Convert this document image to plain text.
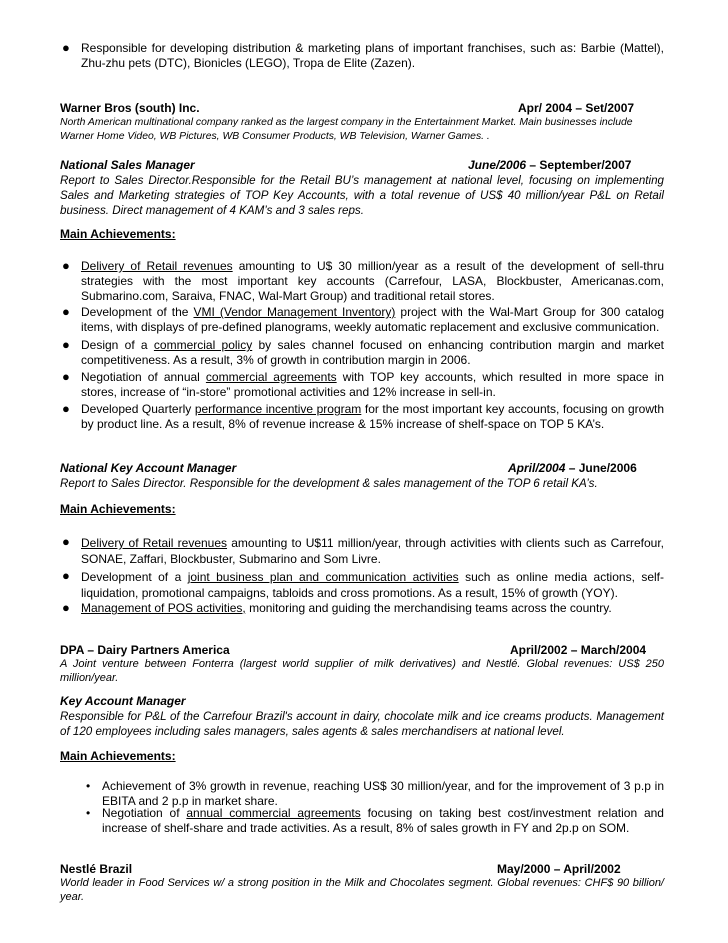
● Responsible for developing distribution & marketing plans of important franchises, such as: Barbie (Mattel), Zhu-zhu pets (DTC), Bionicles (LEGO), Tropa de Elite (Zazen).
Warner Bros (south) Inc.	Apr/ 2004 – Set/2007
North American multinational company ranked as the largest company in the Entertainment Market. Main businesses include Warner Home Video, WB Pictures, WB Consumer Products, WB Television, Warner Games. .
National Sales Manager	June/2006 – September/2007
Report to Sales Director.Responsible for the Retail BU’s management at national level, focusing on implementing Sales and Marketing strategies of TOP Key Accounts, with a total revenue of US$ 40 million/year P&L on Retail business. Direct management of 4 KAM’s and 3 sales reps.
Main Achievements:
● Delivery of Retail revenues amounting to U$ 30 million/year as a result of the development of sell-thru strategies with the most important key accounts (Carrefour, LASA, Blockbuster, Americanas.com, Submarino.com, Saraiva, FNAC, Wal-Mart Group) and traditional retail stores.
● Development of the VMI (Vendor Management Inventory) project with the Wal-Mart Group for 300 catalog items, with displays of pre-defined planograms, weekly automatic replacement and exclusive communication.
● Design of a commercial policy by sales channel focused on enhancing contribution margin and market competitiveness. As a result, 3% of growth in contribution margin in 2006.
● Negotiation of annual commercial agreements with TOP key accounts, which resulted in more space in stores, increase of “in-store” promotional activities and 12% increase in sell-in.
● Developed Quarterly performance incentive program for the most important key accounts, focusing on growth by product line. As a result, 8% of revenue increase & 15% increase of shelf-space on TOP 5 KA’s.
National Key Account Manager	April/2004 – June/2006
Report to Sales Director. Responsible for the development & sales management of the TOP 6 retail KA’s.
Main Achievements:
● Delivery of Retail revenues amounting to U$11 million/year, through activities with clients such as Carrefour, SONAE, Zaffari, Blockbuster, Submarino and Som Livre.
● Development of a joint business plan and communication activities such as online media actions, self-liquidation, promotional campaigns, tabloids and cross promotions. As a result, 15% of growth (YOY).
● Management of POS activities, monitoring and guiding the merchandising teams across the country.
DPA – Dairy Partners America	April/2002 – March/2004
A Joint venture between Fonterra (largest world supplier of milk derivatives) and Nestlé. Global revenues: US$ 250 million/year.
Key Account Manager
Responsible for P&L of the Carrefour Brazil's account in dairy, chocolate milk and ice creams products. Management of 120 employees including sales managers, sales agents & sales merchandisers at national level.
Main Achievements:
• Achievement of 3% growth in revenue, reaching US$ 30 million/year, and for the improvement of 3 p.p in EBITA and 2 p.p in market share.
• Negotiation of annual commercial agreements focusing on taking best cost/investment relation and increase of shelf-share and trade activities. As a result, 8% of sales growth in FY and 2p.p on SOM.
Nestlé Brazil	May/2000 – April/2002
World leader in Food Services w/ a strong position in the Milk and Chocolates segment. Global revenues: CHF$ 90 billion/ year.
